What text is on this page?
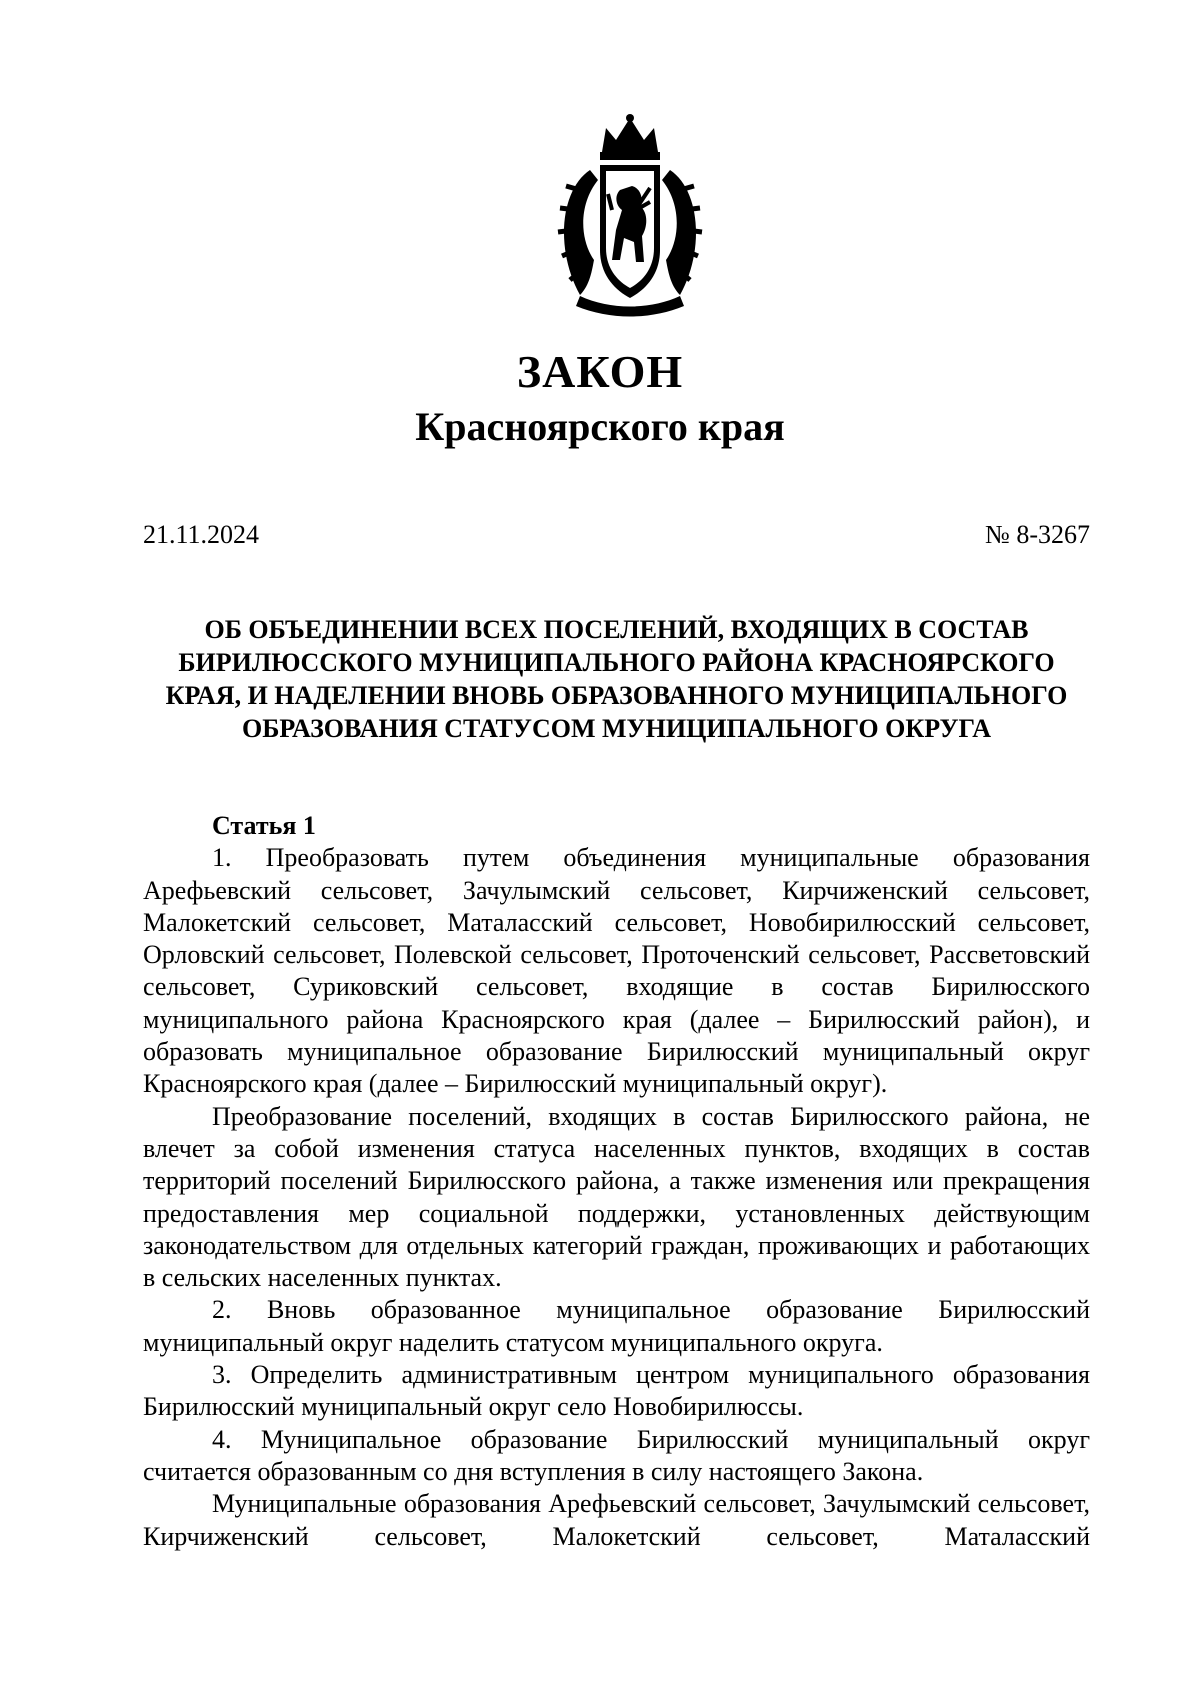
ЗАКОН
Красноярского края
21.11.2024	№ 8-3267
ОБ ОБЪЕДИНЕНИИ ВСЕХ ПОСЕЛЕНИЙ, ВХОДЯЩИХ В СОСТАВ
БИРИЛЮССКОГО МУНИЦИПАЛЬНОГО РАЙОНА КРАСНОЯРСКОГО
КРАЯ, И НАДЕЛЕНИИ ВНОВЬ ОБРАЗОВАННОГО МУНИЦИПАЛЬНОГО
ОБРАЗОВАНИЯ СТАТУСОМ МУНИЦИПАЛЬНОГО ОКРУГА
Статья 1

1. Преобразовать путем объединения муниципальные образования Арефьевский сельсовет, Зачулымский сельсовет, Кирчиженский сельсовет, Малокетский сельсовет, Маталасский сельсовет, Новобирилюсский сельсовет, Орловский сельсовет, Полевской сельсовет, Проточенский сельсовет, Рассветовский сельсовет, Суриковский сельсовет, входящие в состав Бирилюсского муниципального района Красноярского края (далее – Бирилюсский район), и образовать муниципальное образование Бирилюсский муниципальный округ Красноярского края (далее – Бирилюсский муниципальный округ).

Преобразование поселений, входящих в состав Бирилюсского района, не влечет за собой изменения статуса населенных пунктов, входящих в состав территорий поселений Бирилюсского района, а также изменения или прекращения предоставления мер социальной поддержки, установленных действующим законодательством для отдельных категорий граждан, проживающих и работающих в сельских населенных пунктах.

2. Вновь образованное муниципальное образование Бирилюсский муниципальный округ наделить статусом муниципального округа.

3. Определить административным центром муниципального образования Бирилюсский муниципальный округ село Новобирилюссы.

4. Муниципальное образование Бирилюсский муниципальный округ считается образованным со дня вступления в силу настоящего Закона.

Муниципальные образования Арефьевский сельсовет, Зачулымский сельсовет, Кирчиженский сельсовет, Малокетский сельсовет, Маталасский
